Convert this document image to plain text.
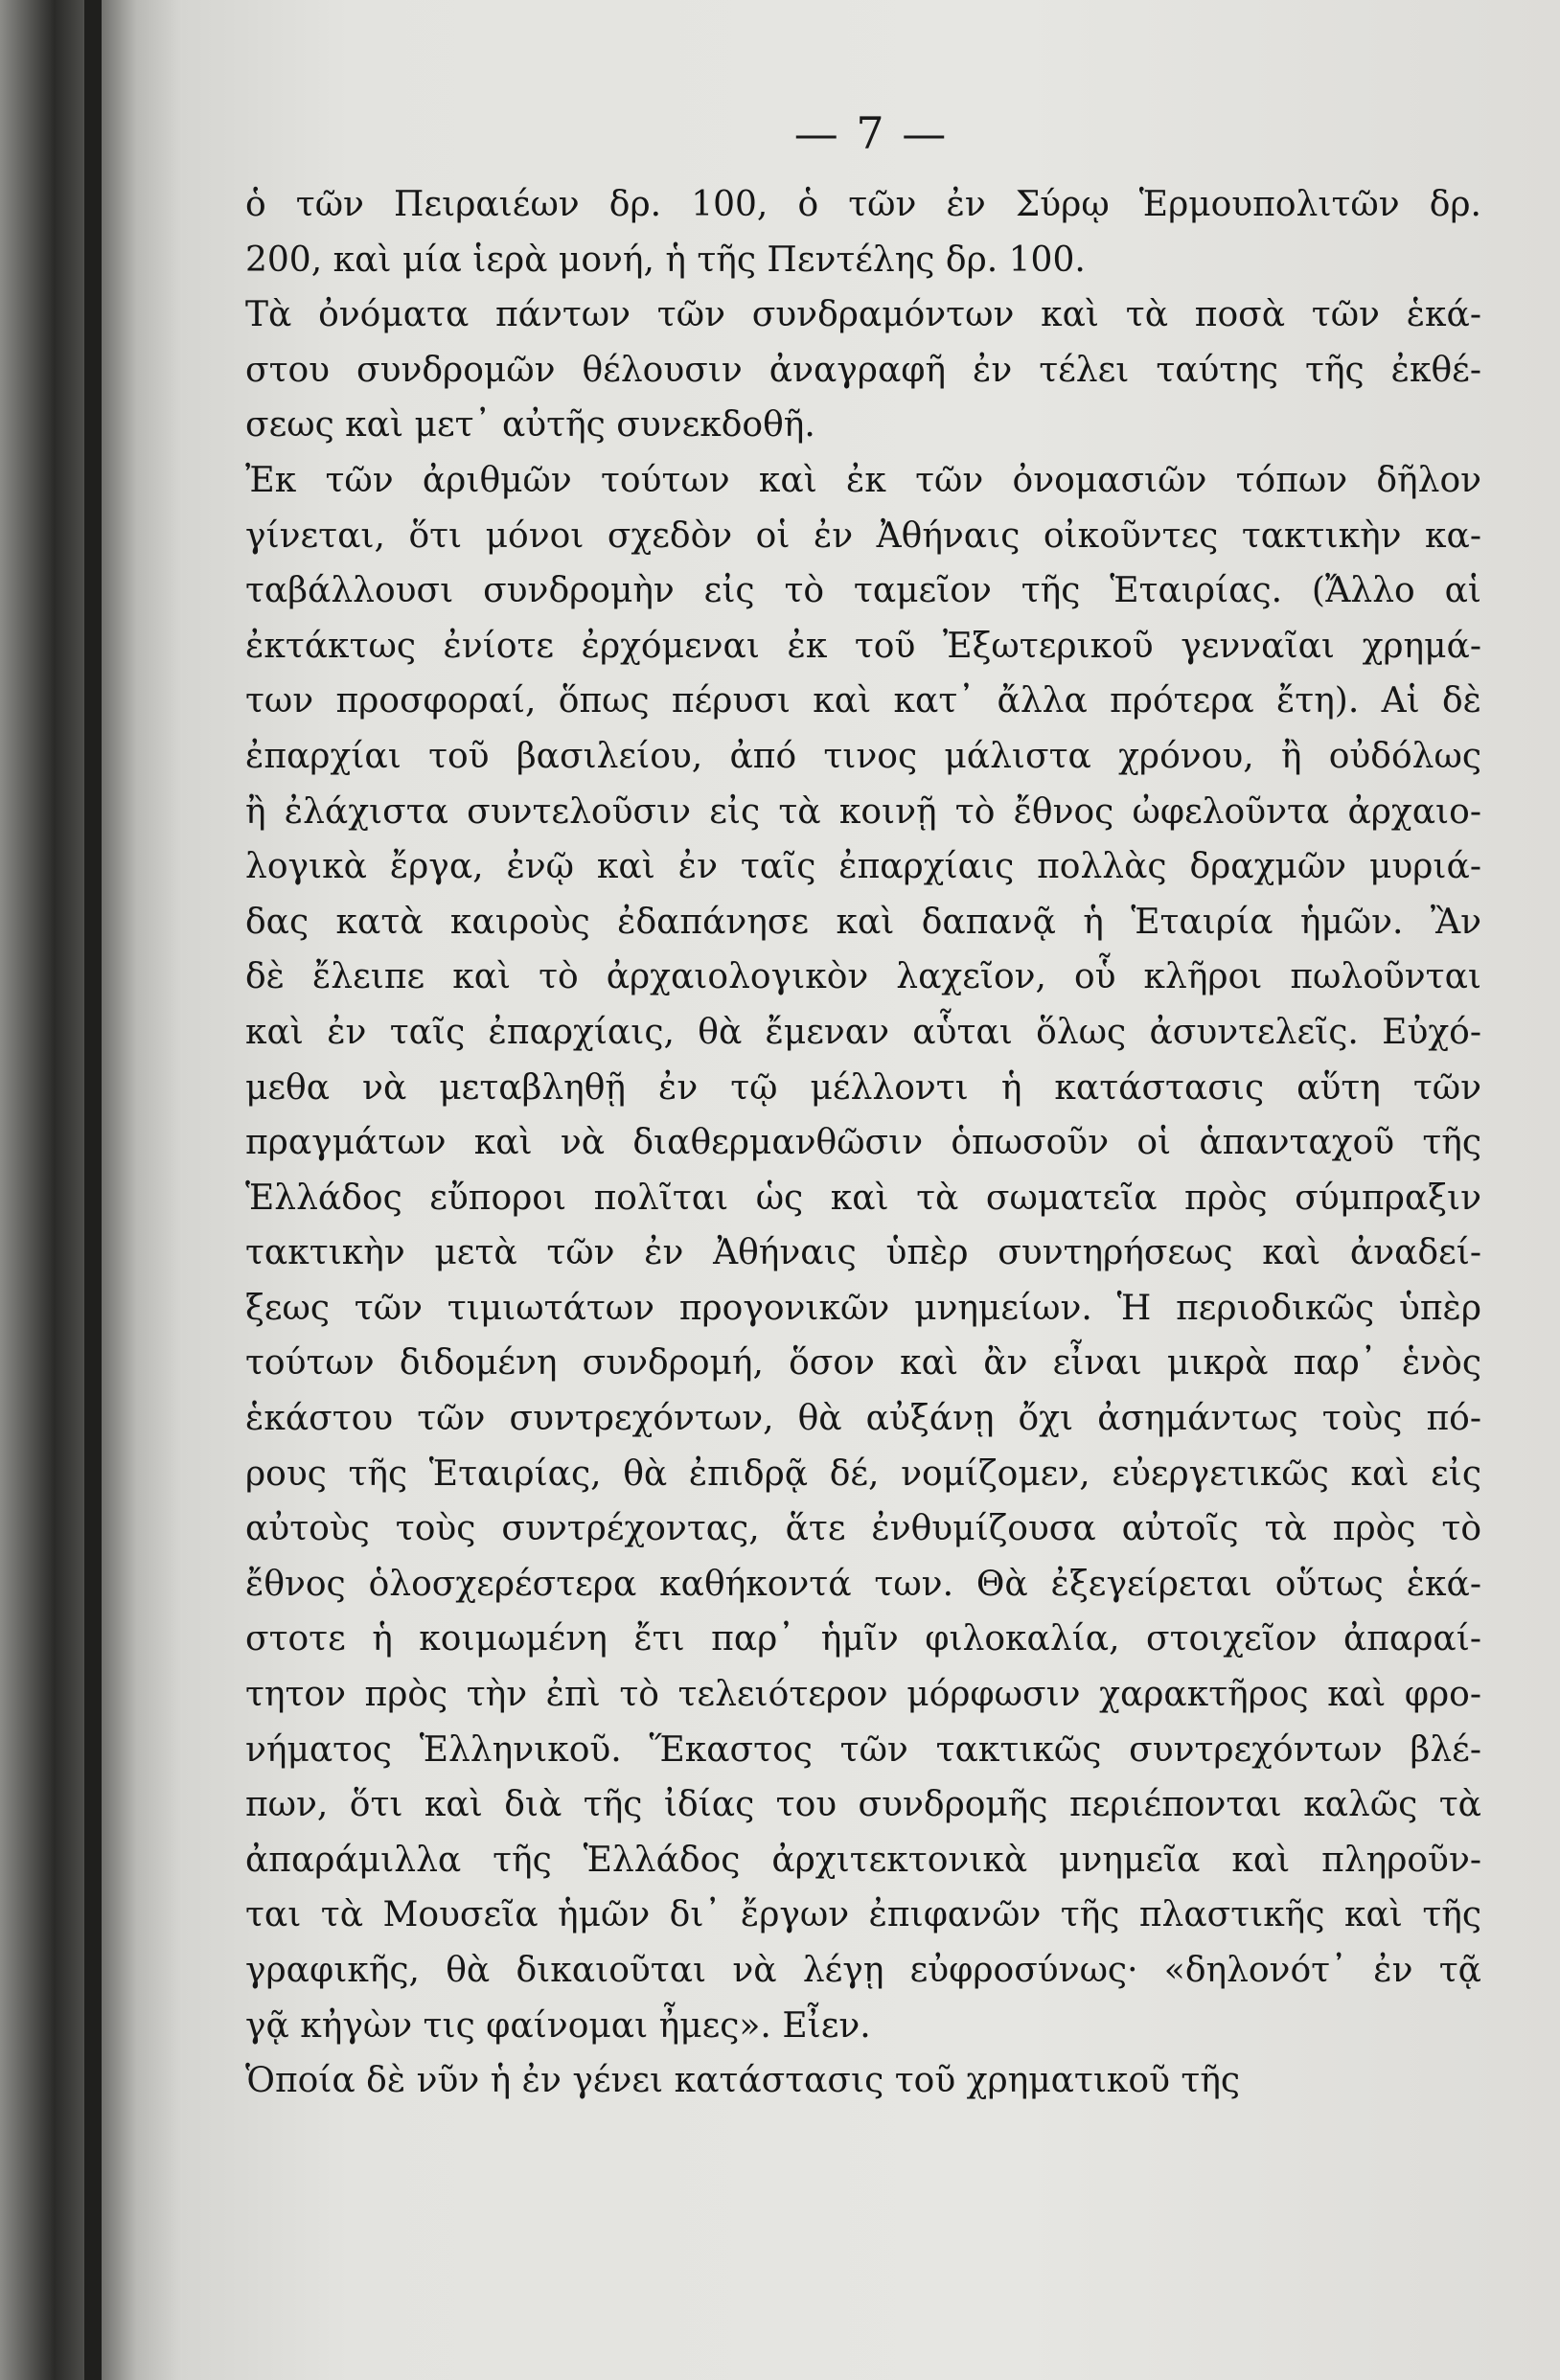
— 7 —
ὁ τῶν Πειραιέων δρ. 100, ὁ τῶν ἐν Σύρῳ Ἑρμουπολιτῶν δρ.
200, καὶ μία ἱερὰ μονή, ἡ τῆς Πεντέλης δρ. 100.
Τὰ ὀνόματα πάντων τῶν συνδραμόντων καὶ τὰ ποσὰ τῶν ἑκά-
στου συνδρομῶν θέλουσιν ἀναγραφῆ ἐν τέλει ταύτης τῆς ἐκθέ-
σεως καὶ μετ᾽ αὐτῆς συνεκδοθῆ.
Ἐκ τῶν ἀριθμῶν τούτων καὶ ἐκ τῶν ὀνομασιῶν τόπων δῆλον
γίνεται, ὅτι μόνοι σχεδὸν οἱ ἐν Ἀθήναις οἰκοῦντες τακτικὴν κα-
ταβάλλουσι συνδρομὴν εἰς τὸ ταμεῖον τῆς Ἑταιρίας. (Ἄλλο αἱ
ἐκτάκτως ἐνίοτε ἐρχόμεναι ἐκ τοῦ Ἐξωτερικοῦ γενναῖαι χρημά-
των προσφοραί, ὅπως πέρυσι καὶ κατ᾽ ἄλλα πρότερα ἔτη). Αἱ δὲ
ἐπαρχίαι τοῦ βασιλείου, ἀπό τινος μάλιστα χρόνου, ἢ οὐδόλως
ἢ ἐλάχιστα συντελοῦσιν εἰς τὰ κοινῇ τὸ ἔθνος ὠφελοῦντα ἀρχαιο-
λογικὰ ἔργα, ἐνῷ καὶ ἐν ταῖς ἐπαρχίαις πολλὰς δραχμῶν μυριά-
δας κατὰ καιροὺς ἐδαπάνησε καὶ δαπανᾷ ἡ Ἑταιρία ἡμῶν. Ἂν
δὲ ἔλειπε καὶ τὸ ἀρχαιολογικὸν λαχεῖον, οὗ κλῆροι πωλοῦνται
καὶ ἐν ταῖς ἐπαρχίαις, θὰ ἔμεναν αὗται ὅλως ἀσυντελεῖς. Εὐχό-
μεθα νὰ μεταβληθῇ ἐν τῷ μέλλοντι ἡ κατάστασις αὕτη τῶν
πραγμάτων καὶ νὰ διαθερμανθῶσιν ὁπωσοῦν οἱ ἁπανταχοῦ τῆς
Ἑλλάδος εὔποροι πολῖται ὡς καὶ τὰ σωματεῖα πρὸς σύμπραξιν
τακτικὴν μετὰ τῶν ἐν Ἀθήναις ὑπὲρ συντηρήσεως καὶ ἀναδεί-
ξεως τῶν τιμιωτάτων προγονικῶν μνημείων. Ἡ περιοδικῶς ὑπὲρ
τούτων διδομένη συνδρομή, ὅσον καὶ ἂν εἶναι μικρὰ παρ᾽ ἑνὸς
ἑκάστου τῶν συντρεχόντων, θὰ αὐξάνῃ ὄχι ἀσημάντως τοὺς πό-
ρους τῆς Ἑταιρίας, θὰ ἐπιδρᾷ δέ, νομίζομεν, εὐεργετικῶς καὶ εἰς
αὐτοὺς τοὺς συντρέχοντας, ἅτε ἐνθυμίζουσα αὐτοῖς τὰ πρὸς τὸ
ἔθνος ὁλοσχερέστερα καθήκοντά των. Θὰ ἐξεγείρεται οὕτως ἑκά-
στοτε ἡ κοιμωμένη ἔτι παρ᾽ ἡμῖν φιλοκαλία, στοιχεῖον ἀπαραί-
τητον πρὸς τὴν ἐπὶ τὸ τελειότερον μόρφωσιν χαρακτῆρος καὶ φρο-
νήματος Ἑλληνικοῦ. Ἕκαστος τῶν τακτικῶς συντρεχόντων βλέ-
πων, ὅτι καὶ διὰ τῆς ἰδίας του συνδρομῆς περιέπονται καλῶς τὰ
ἀπαράμιλλα τῆς Ἑλλάδος ἀρχιτεκτονικὰ μνημεῖα καὶ πληροῦν-
ται τὰ Μουσεῖα ἡμῶν δι᾽ ἔργων ἐπιφανῶν τῆς πλαστικῆς καὶ τῆς
γραφικῆς, θὰ δικαιοῦται νὰ λέγῃ εὐφροσύνως· «δηλονότ᾽ ἐν τᾷ
γᾷ κἠγὼν τις φαίνομαι ἦμες». Εἶεν.
Ὁποία δὲ νῦν ἡ ἐν γένει κατάστασις τοῦ χρηματικοῦ τῆς
